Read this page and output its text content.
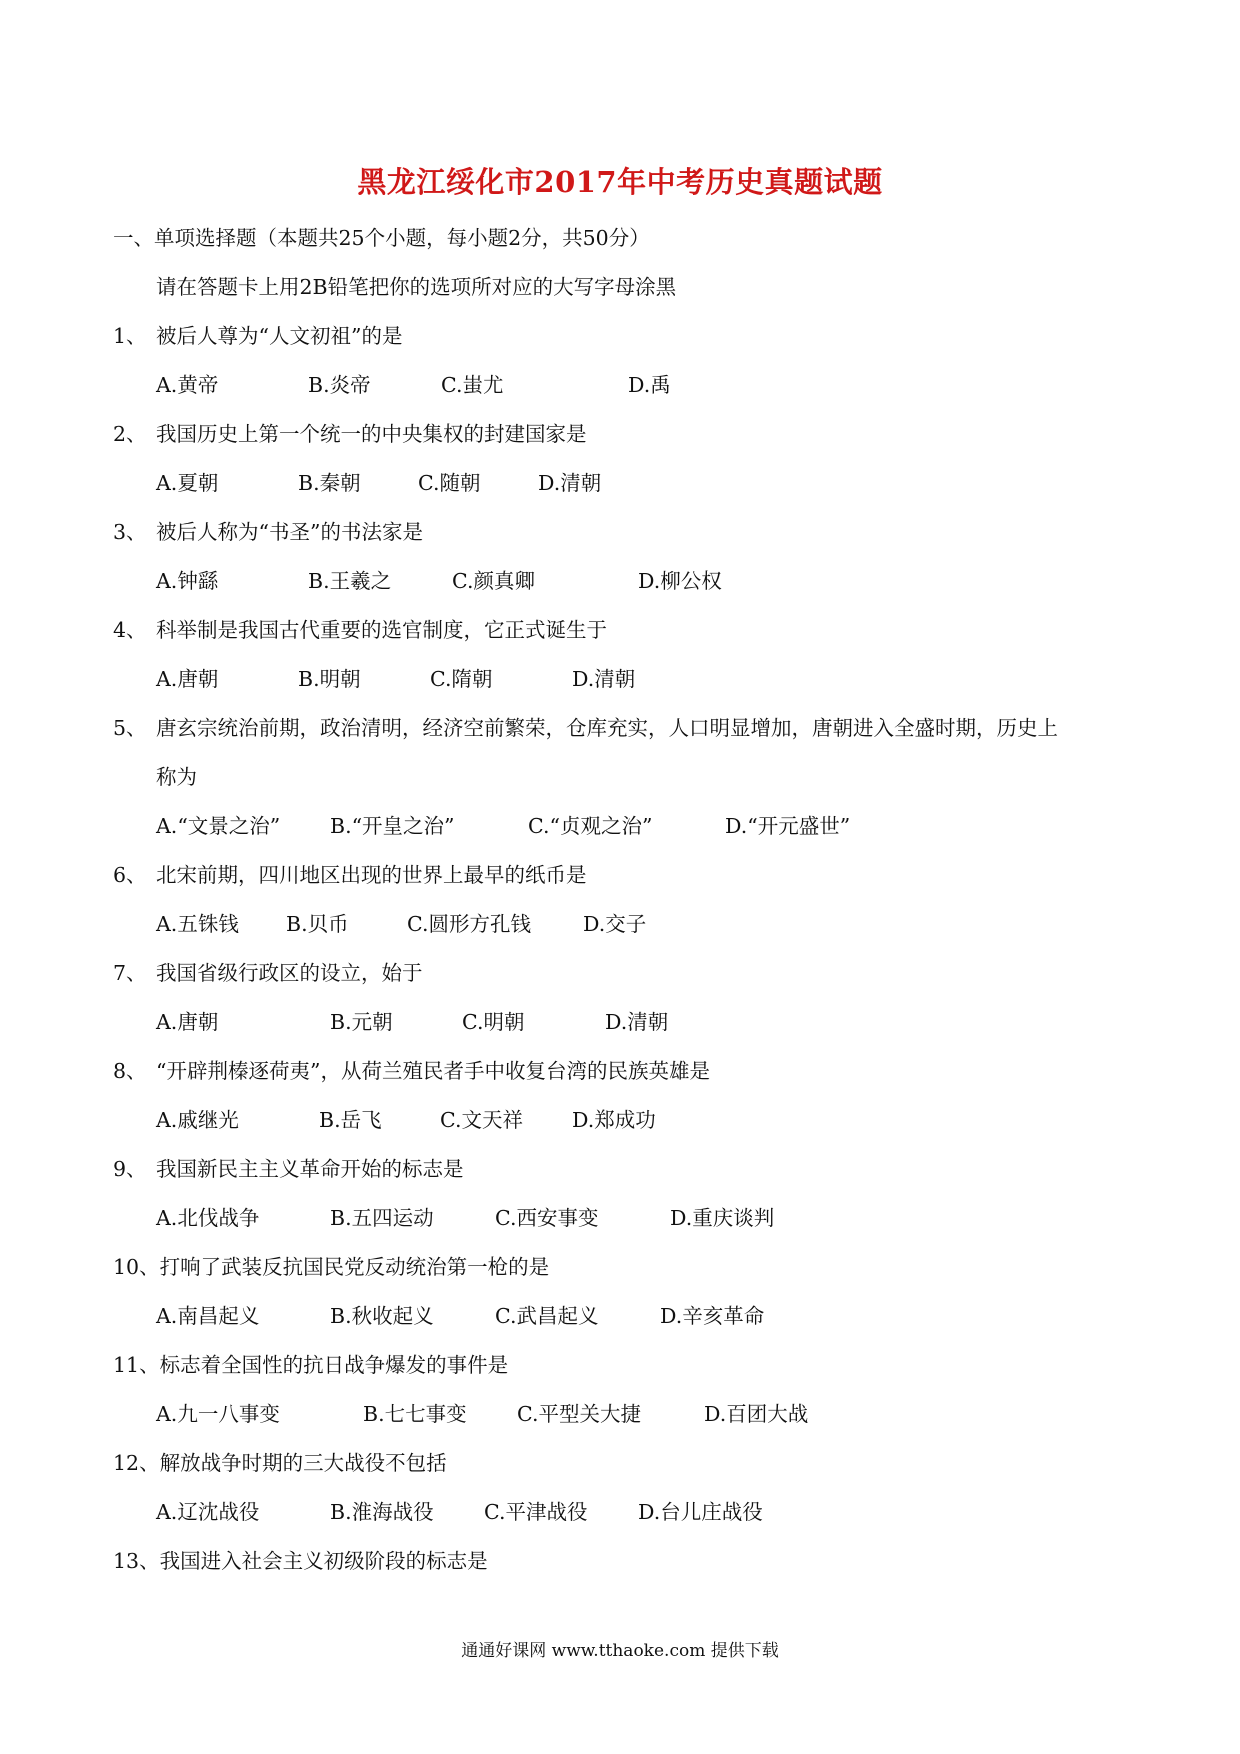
黑龙江绥化市2017年中考历史真题试题
一、单项选择题（本题共25个小题，每小题2分，共50分）
请在答题卡上用2B铅笔把你的选项所对应的大写字母涂黑
1、 被后人尊为“人文初祖”的是
A.黄帝	B.炎帝	C.蚩尤	D.禹
2、 我国历史上第一个统一的中央集权的封建国家是
A.夏朝	B.秦朝	C.随朝	D.清朝
3、 被后人称为“书圣”的书法家是
A.钟繇	B.王羲之	C.颜真卿	D.柳公权
4、 科举制是我国古代重要的选官制度，它正式诞生于
A.唐朝	B.明朝	C.隋朝	D.清朝
5、 唐玄宗统治前期，政治清明，经济空前繁荣，仓库充实，人口明显增加，唐朝进入全盛时期，历史上
称为
A.“文景之治” B.“开皇之治”	C.“贞观之治”	D.“开元盛世”
6、 北宋前期，四川地区出现的世界上最早的纸币是
A.五铢钱 B.贝币	C.圆形方孔钱	D.交子
7、 我国省级行政区的设立，始于
A.唐朝	B.元朝	C.明朝	D.清朝
8、 “开辟荆榛逐荷夷”，从荷兰殖民者手中收复台湾的民族英雄是
A.戚继光	B.岳飞	C.文天祥 D.郑成功
9、 我国新民主主义革命开始的标志是
A.北伐战争	B.五四运动	C.西安事变	D.重庆谈判
10、打响了武装反抗国民党反动统治第一枪的是
A.南昌起义	B.秋收起义	C.武昌起义	D.辛亥革命
11、标志着全国性的抗日战争爆发的事件是
A.九一八事变	B.七七事变 C.平型关大捷	D.百团大战
12、解放战争时期的三大战役不包括
A.辽沈战役	B.淮海战役 C.平津战役 D.台儿庄战役
13、我国进入社会主义初级阶段的标志是
通通好课网 www.tthaoke.com 提供下载
